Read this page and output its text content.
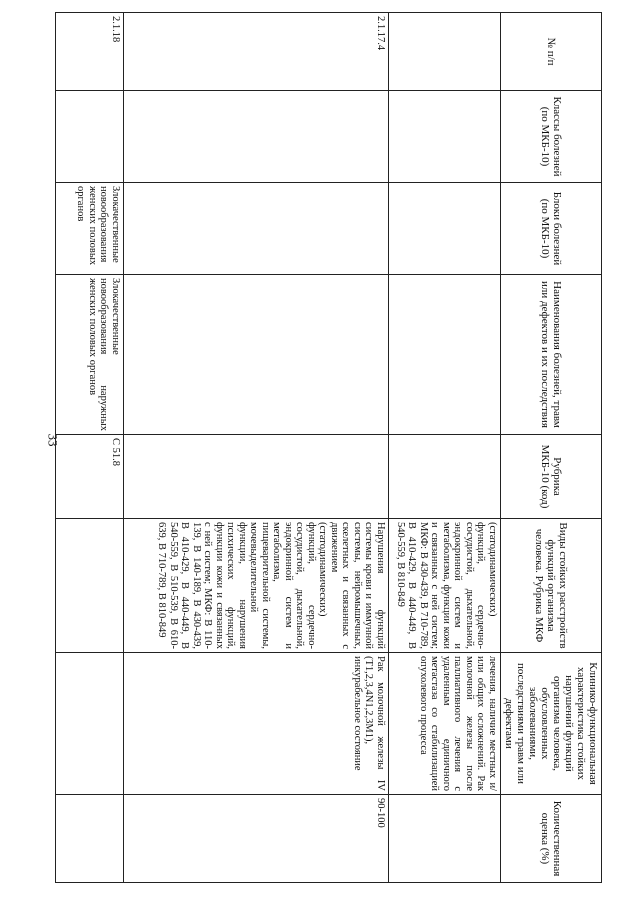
33
№ п/п	Классы болезней (по МКБ-10)	Блоки болезней (по МКБ-10)	Наименования болезней, травм или дефектов и их последствия	Рубрика МКБ-10 (код)	Виды стойких расстройств функций организма человека. Рубрика МКФ	Клинико-функциональная характеристика стойких нарушений функций организма человека, обусловленных заболеваниями, последствиями травм или дефектами	Количественная оценка (%)
					(статодинамических) функций, сердечно-сосудистой, дыхательной, эндокринной систем и метаболизма, функции кожи и связанных с ней систем; МКФ: B 430-439, B 710-789, B 410-429, B 440-449, B 540-559, B 810-849	лечения, наличие местных и/или общих осложнений. Рак молочной железы после паллиативного лечения с удаленным единичного метастаза со стабилизацией опухолевого процесса	
2.1.17.4					Нарушения функций системы крови и иммунной системы, нейромышечных, скелетных и связанных с движением (статодинамических) функций, сердечно-сосудистой, дыхательной, эндокринной систем и метаболизма, пищеварительной системы, мочевыделительной функции, нарушения психических функций, функции кожи и связанных с ней систем; МКФ: B 110-139, B 140-189, B 430-439, B 410-429, B 440-449, B 540-559, B 510-539, B 610-639, B 710-789, B 810-849	Рак молочной железы IV (T1,2,3,4N1,2,3M1), инкурабельное состояние	90-100
2.1.18		Злокачественные новообразования женских половых органов	Злокачественные новообразования наружных женских половых органов	C 51.8			
